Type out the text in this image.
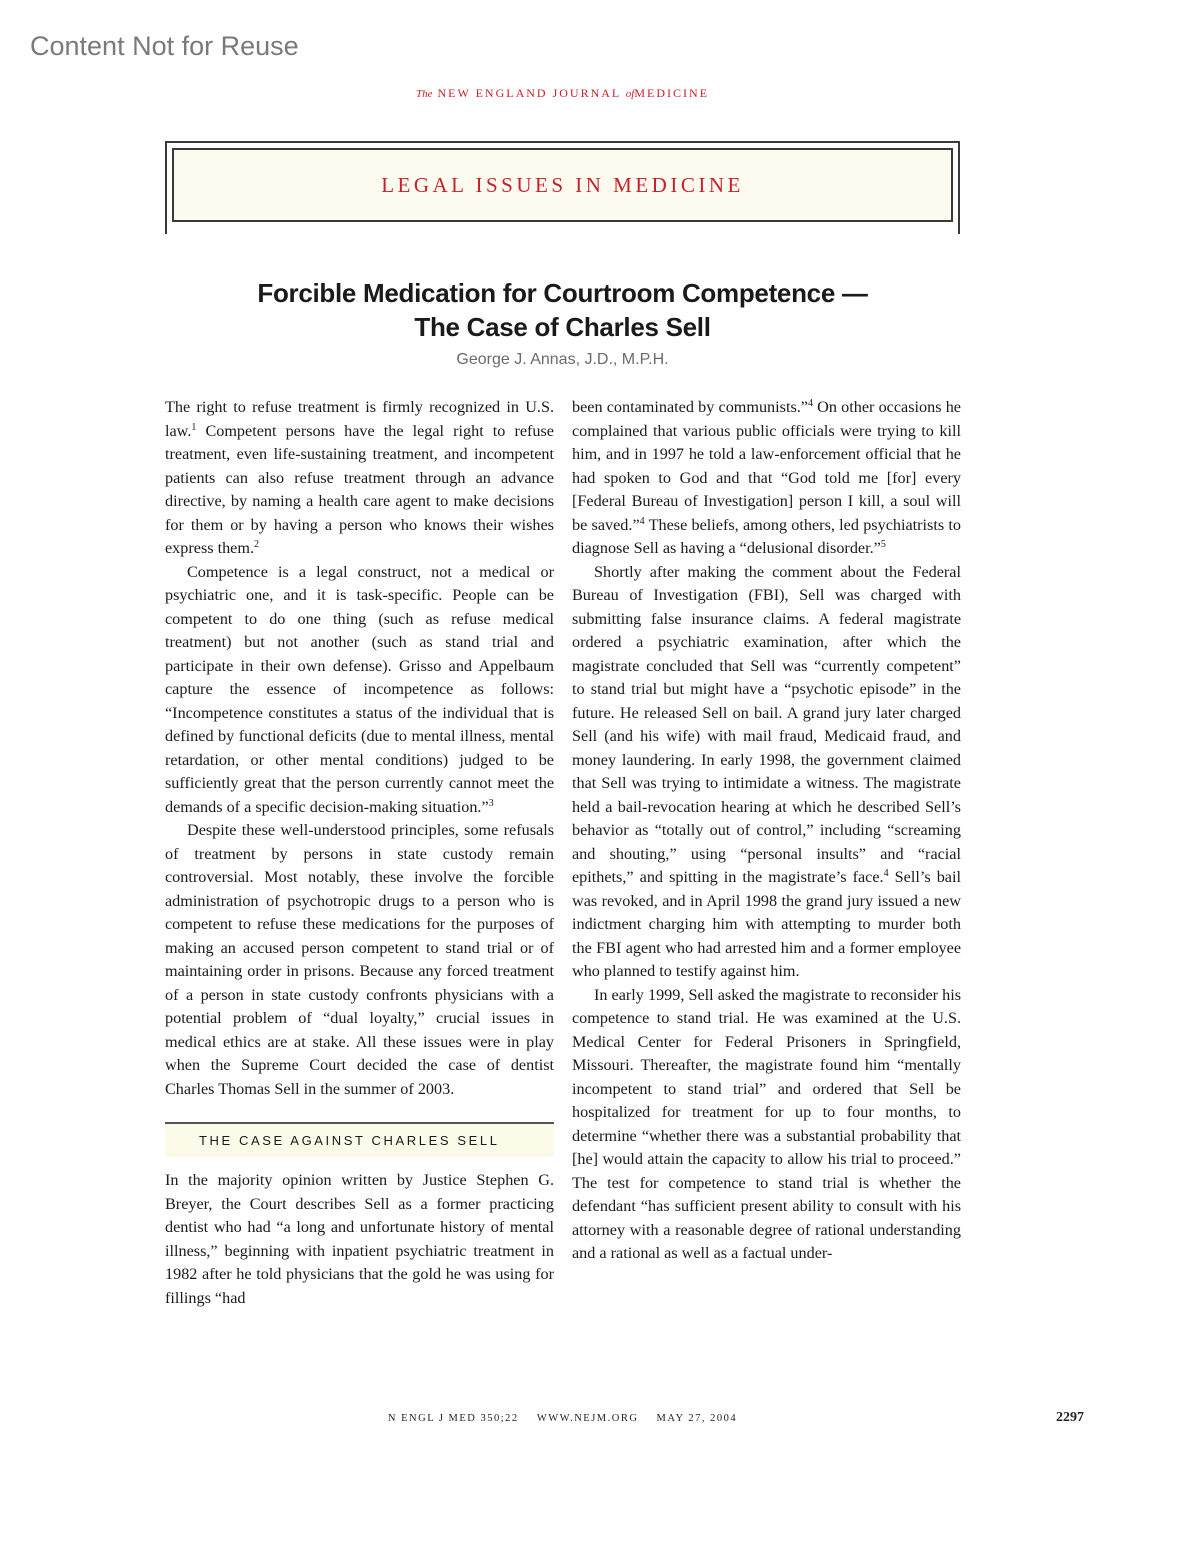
Content Not for Reuse
The NEW ENGLAND JOURNAL ofMEDICINE
LEGAL ISSUES IN MEDICINE
Forcible Medication for Courtroom Competence —
The Case of Charles Sell
George J. Annas, J.D., M.P.H.

The right to refuse treatment is firmly recognized in U.S. law.$^1$ Competent persons have the legal right to refuse treatment, even life-sustaining treatment, and incompetent patients can also refuse treatment through an advance directive, by naming a health care agent to make decisions for them or by having a person who knows their wishes express them.$^2$

Competence is a legal construct, not a medical or psychiatric one, and it is task-specific. People can be competent to do one thing (such as refuse medical treatment) but not another (such as stand trial and participate in their own defense). Grisso and Appelbaum capture the essence of incompetence as follows: “Incompetence constitutes a status of the individual that is defined by functional deficits (due to mental illness, mental retardation, or other mental conditions) judged to be sufficiently great that the person currently cannot meet the demands of a specific decision-making situation.”$^3$

Despite these well-understood principles, some refusals of treatment by persons in state custody remain controversial. Most notably, these involve the forcible administration of psychotropic drugs to a person who is competent to refuse these medications for the purposes of making an accused person competent to stand trial or of maintaining order in prisons. Because any forced treatment of a person in state custody confronts physicians with a potential problem of “dual loyalty,” crucial issues in medical ethics are at stake. All these issues were in play when the Supreme Court decided the case of dentist Charles Thomas Sell in the summer of 2003.

THE CASE AGAINST CHARLES SELL

In the majority opinion written by Justice Stephen G. Breyer, the Court describes Sell as a former practicing dentist who had “a long and unfortunate history of mental illness,” beginning with inpatient psychiatric treatment in 1982 after he told physicians that the gold he was using for fillings “had

been contaminated by communists.”$^4$ On other occasions he complained that various public officials were trying to kill him, and in 1997 he told a law-enforcement official that he had spoken to God and that “God told me [for] every [Federal Bureau of Investigation] person I kill, a soul will be saved.”$^4$ These beliefs, among others, led psychiatrists to diagnose Sell as having a “delusional disorder.”$^5$

Shortly after making the comment about the Federal Bureau of Investigation (FBI), Sell was charged with submitting false insurance claims. A federal magistrate ordered a psychiatric examination, after which the magistrate concluded that Sell was “currently competent” to stand trial but might have a “psychotic episode” in the future. He released Sell on bail. A grand jury later charged Sell (and his wife) with mail fraud, Medicaid fraud, and money laundering. In early 1998, the government claimed that Sell was trying to intimidate a witness. The magistrate held a bail-revocation hearing at which he described Sell’s behavior as “totally out of control,” including “screaming and shouting,” using “personal insults” and “racial epithets,” and spitting in the magistrate’s face.$^4$ Sell’s bail was revoked, and in April 1998 the grand jury issued a new indictment charging him with attempting to murder both the FBI agent who had arrested him and a former employee who planned to testify against him.

In early 1999, Sell asked the magistrate to reconsider his competence to stand trial. He was examined at the U.S. Medical Center for Federal Prisoners in Springfield, Missouri. Thereafter, the magistrate found him “mentally incompetent to stand trial” and ordered that Sell be hospitalized for treatment for up to four months, to determine “whether there was a substantial probability that [he] would attain the capacity to allow his trial to proceed.” The test for competence to stand trial is whether the defendant “has sufficient present ability to consult with his attorney with a reasonable degree of rational understanding and a rational as well as a factual under-

N ENGL J MED 350;22 WWW.NEJM.ORG MAY 27, 2004	2297
